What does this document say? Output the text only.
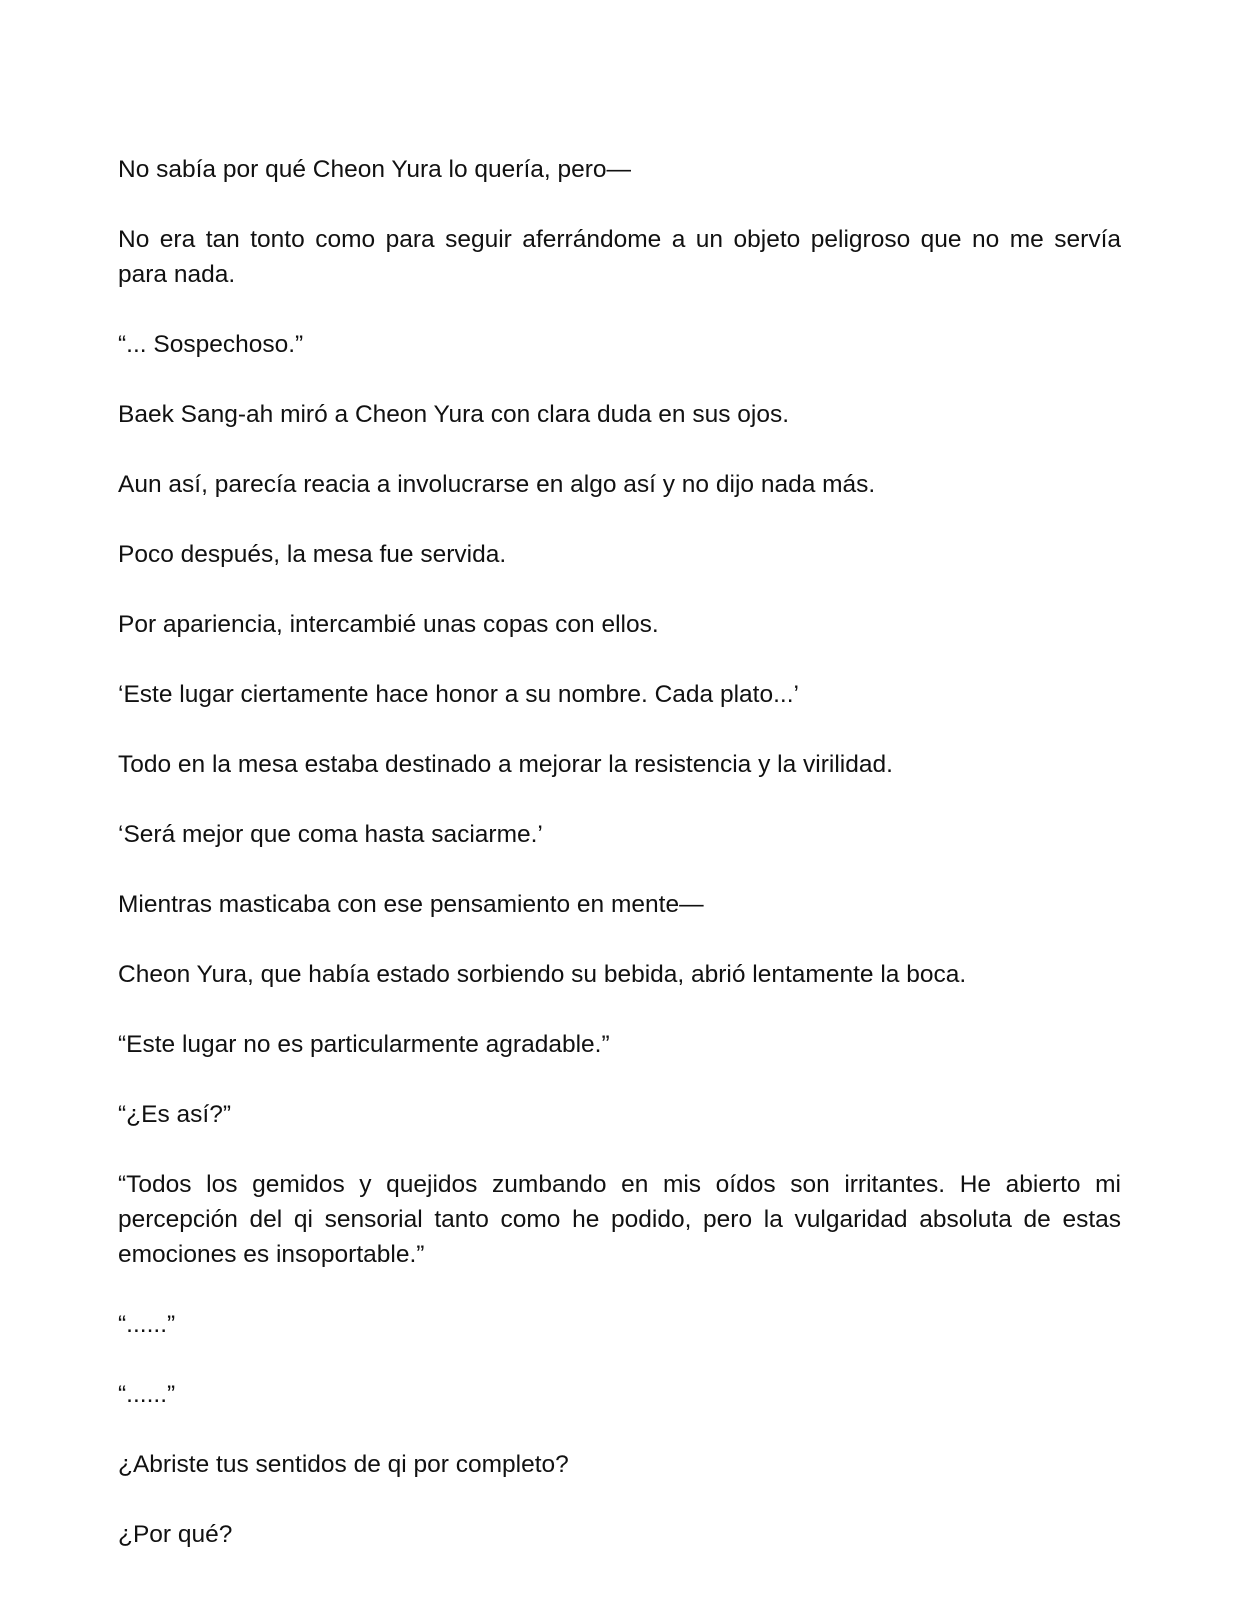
No sabía por qué Cheon Yura lo quería, pero—

No era tan tonto como para seguir aferrándome a un objeto peligroso que no me servía para nada.

“... Sospechoso.”

Baek Sang-ah miró a Cheon Yura con clara duda en sus ojos.

Aun así, parecía reacia a involucrarse en algo así y no dijo nada más.

Poco después, la mesa fue servida.

Por apariencia, intercambié unas copas con ellos.

‘Este lugar ciertamente hace honor a su nombre. Cada plato...’

Todo en la mesa estaba destinado a mejorar la resistencia y la virilidad.

‘Será mejor que coma hasta saciarme.’

Mientras masticaba con ese pensamiento en mente—

Cheon Yura, que había estado sorbiendo su bebida, abrió lentamente la boca.

“Este lugar no es particularmente agradable.”

“¿Es así?”

“Todos los gemidos y quejidos zumbando en mis oídos son irritantes. He abierto mi percepción del qi sensorial tanto como he podido, pero la vulgaridad absoluta de estas emociones es insoportable.”

“......”

“......”

¿Abriste tus sentidos de qi por completo?

¿Por qué?
